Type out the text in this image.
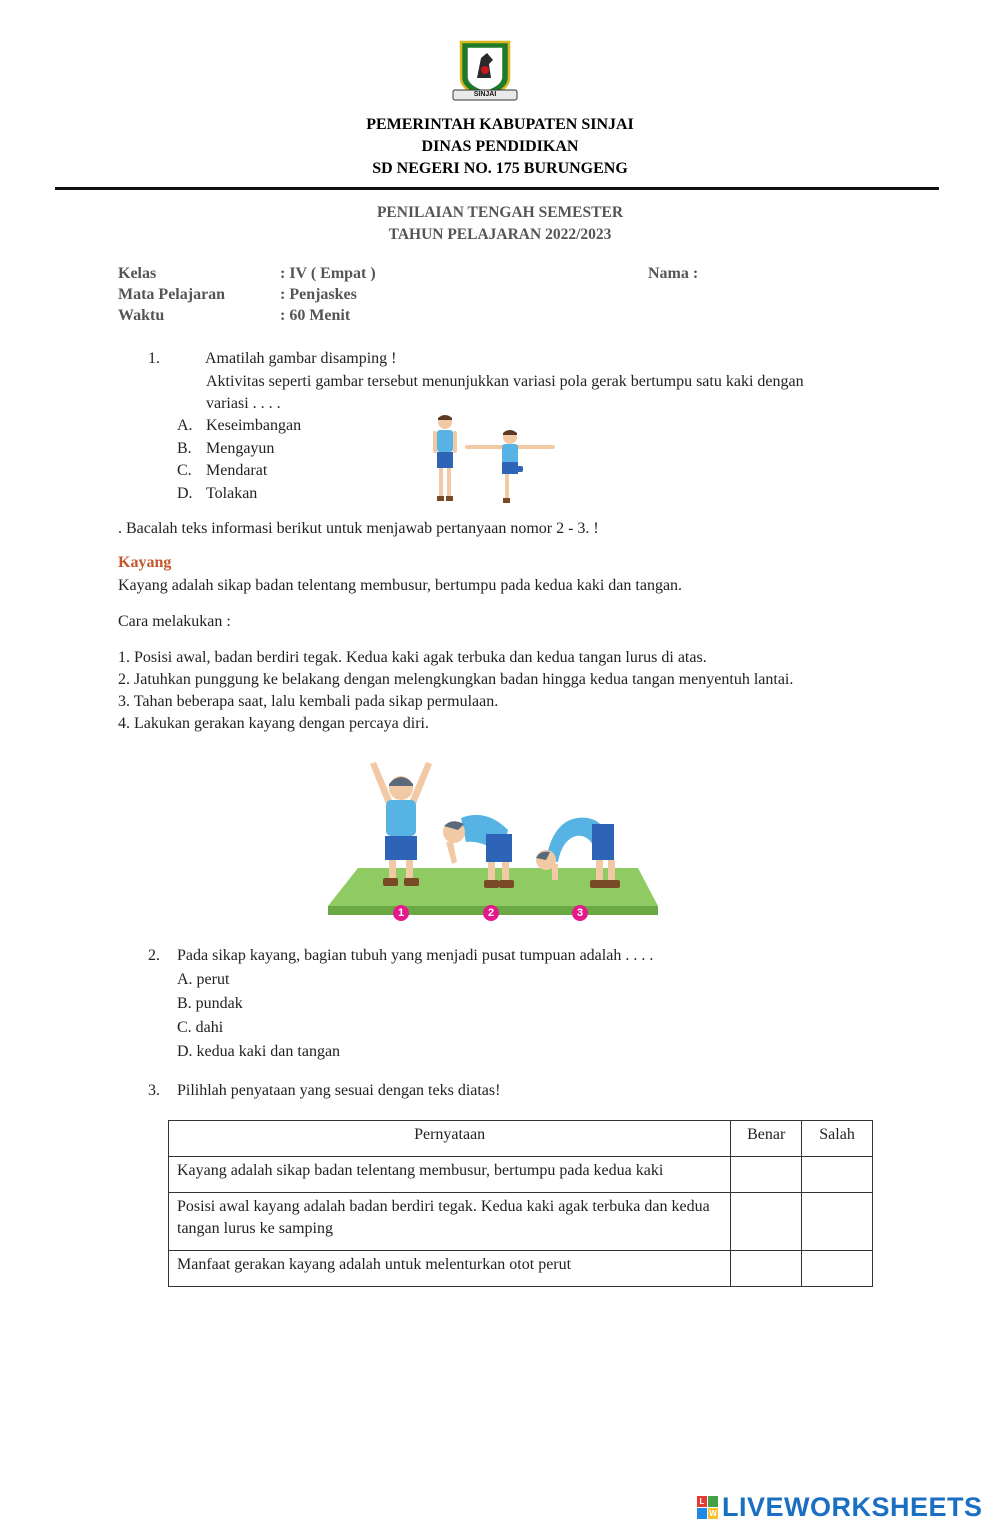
SINJAI
PEMERINTAH KABUPATEN SINJAI
DINAS PENDIDIKAN
SD NEGERI NO. 175 BURUNGENG
PENILAIAN TENGAH SEMESTER
TAHUN PELAJARAN 2022/2023
Kelas	: IV ( Empat )	Nama :
Mata Pelajaran	: Penjaskes
Waktu	: 60 Menit
1.	Amatilah gambar disamping !
Aktivitas seperti gambar tersebut menunjukkan variasi pola gerak bertumpu satu kaki dengan
variasi . . . .
A. Keseimbangan
B. Mengayun
C. Mendarat
D. Tolakan
. Bacalah teks informasi berikut untuk menjawab pertanyaan nomor 2 - 3. !
Kayang
Kayang adalah sikap badan telentang membusur, bertumpu pada kedua kaki dan tangan.
Cara melakukan :
1. Posisi awal, badan berdiri tegak. Kedua kaki agak terbuka dan kedua tangan lurus di atas.
2. Jatuhkan punggung ke belakang dengan melengkungkan badan hingga kedua tangan menyentuh lantai.
3. Tahan beberapa saat, lalu kembali pada sikap permulaan.
4. Lakukan gerakan kayang dengan percaya diri.
1	2	3
2. Pada sikap kayang, bagian tubuh yang menjadi pusat tumpuan adalah . . . .
A. perut
B. pundak
C. dahi
D. kedua kaki dan tangan
3. Pilihlah penyataan yang sesuai dengan teks diatas!
Pernyataan	Benar	Salah
Kayang adalah sikap badan telentang membusur, bertumpu pada kedua kaki		
Posisi awal kayang adalah badan berdiri tegak. Kedua kaki agak terbuka dan kedua tangan lurus ke samping		
Manfaat gerakan kayang adalah untuk melenturkan otot perut		
L
W LIVEWORKSHEETS
